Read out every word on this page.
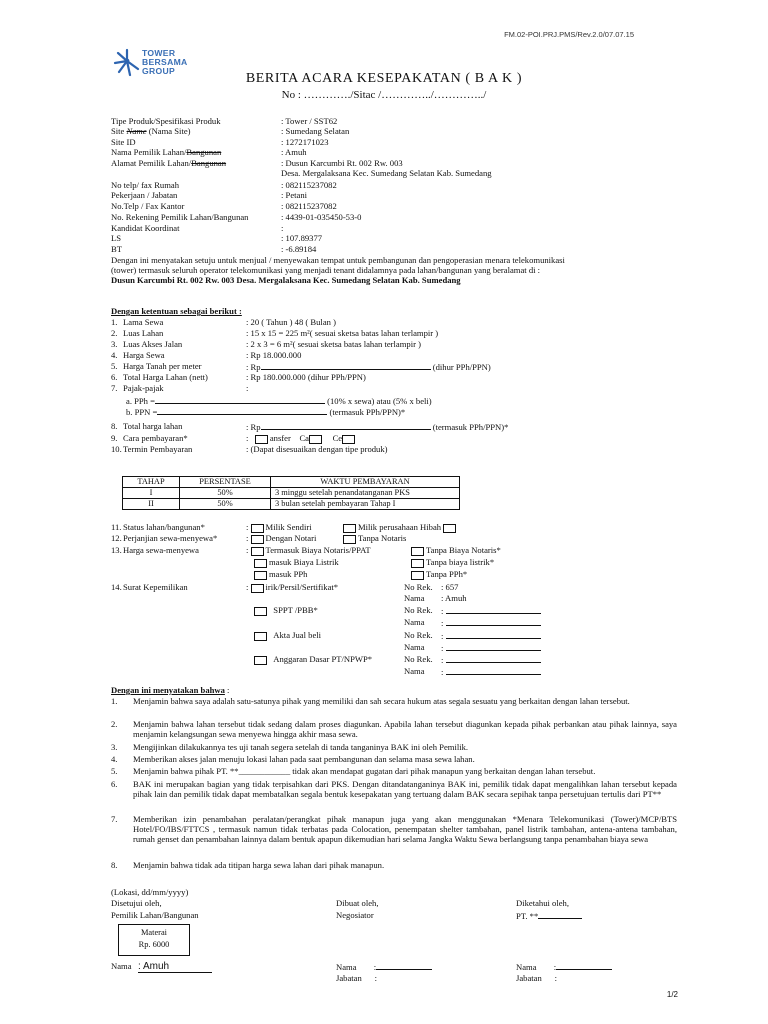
FM.02-POI.PRJ.PMS/Rev.2.0/07.07.15
TOWER
BERSAMA
GROUP	BERITA ACARA KESEPAKATAN ( B A K )
No : …………./Sitac /…………../…………../
Tipe Produk/Spesifikasi Produk	: Tower / SST62
Site Name (Nama Site)	: Sumedang Selatan
Site ID	: 1272171023
Nama Pemilik Lahan/Bangunan	: Amuh
Alamat Pemilik Lahan/Bangunan	: Dusun Karcumbi Rt. 002 Rw. 003
Desa. Mergalaksana Kec. Sumedang Selatan Kab. Sumedang
No telp/ fax Rumah	: 082115237082
Pekerjaan / Jabatan	: Petani
No.Telp / Fax Kantor	: 082115237082
No. Rekening Pemilik Lahan/Bangunan	: 4439-01-035450-53-0
Kandidat Koordinat	:
LS	: 107.89377
BT	: -6.89184
Dengan ini menyatakan setuju untuk menjual / menyewakan tempat untuk pembangunan dan pengoperasian menara telekomunikasi
(tower) termasuk seluruh operator telekomunikasi yang menjadi tenant didalamnya pada lahan/bangunan yang beralamat di :
Dusun Karcumbi Rt. 002 Rw. 003 Desa. Mergalaksana Kec. Sumedang Selatan Kab. Sumedang
Dengan ketentuan sebagai berikut :
1. Lama Sewa	: 20 ( Tahun ) 48 ( Bulan )
2. Luas Lahan	: 15 x 15 = 225 m²( sesuai sketsa batas lahan terlampir )
3. Luas Akses Jalan	: 2 x 3 = 6 m²( sesuai sketsa batas lahan terlampir )
4. Harga Sewa	: Rp 18.000.000
5. Harga Tanah per meter	: Rp	(dihur PPh/PPN)
6. Total Harga Lahan (nett)	: Rp 180.000.000 (dihur PPh/PPN)
7. Pajak-pajak	:
a. PPh =	(10% x sewa) atau (5% x beli)
b. PPN =	(termasuk PPh/PPN)*
8. Total harga lahan	: Rp	(termasuk PPh/PPN)*
9. Cara pembayaran*	: ansfer Ca	Ce
10. Termin Pembayaran	: (Dapat disesuaikan dengan tipe produk)
TAHAP	PERSENTASE	WAKTU PEMBAYARAN
I	50%	3 minggu setelah penandatanganan PKS
II	50%	3 bulan setelah pembayaran Tahap I
11. Status lahan/bangunan*	: Milik Sendiri	Milik perusahaan Hibah
12. Perjanjian sewa-menyewa*	: Dengan Notari	Tanpa Notaris
13. Harga sewa-menyewa	: Termasuk Biaya Notaris/PPAT	Tanpa Biaya Notaris*
masuk Biaya Listrik	Tanpa biaya listrik*
masuk PPh	Tanpa PPh*
14. Surat Kepemilikan	: irik/Persil/Sertifikat*	No Rek. : 657
Nama : Amuh
SPPT /PBB*	No Rek. :
Nama :
Akta Jual beli	No Rek. :
Nama :
Anggaran Dasar PT/NPWP*	No Rek. :
Nama :
Dengan ini menyatakan bahwa :
1. Menjamin bahwa saya adalah satu-satunya pihak yang memiliki dan sah secara hukum atas segala sesuatu yang berkaitan dengan lahan tersebut.
2. Menjamin bahwa lahan tersebut tidak sedang dalam proses diagunkan. Apabila lahan tersebut diagunkan kepada pihak perbankan atau pihak lainnya, saya menjamin kelangsungan sewa menyewa hingga akhir masa sewa.
3. Mengijinkan dilakukannya tes uji tanah segera setelah di tanda tanganinya BAK ini oleh Pemilik.
4. Memberikan akses jalan menuju lokasi lahan pada saat pembangunan dan selama masa sewa lahan.
5. Menjamin bahwa pihak PT. **____________ tidak akan mendapat gugatan dari pihak manapun yang berkaitan dengan lahan tersebut.
6. BAK ini merupakan bagian yang tidak terpisahkan dari PKS. Dengan ditandatanganinya BAK ini, pemilik tidak dapat mengalihkan lahan tersebut kepada pihak lain dan pemilik tidak dapat membatalkan segala bentuk kesepakatan yang tertuang dalam BAK secara sepihak tanpa persetujuan tertulis dari PT**
7. Memberikan izin penambahan peralatan/perangkat pihak manapun juga yang akan menggunakan *Menara Telekomunikasi (Tower)/MCP/BTS Hotel/FO/IBS/FTTCS , termasuk namun tidak terbatas pada Colocation, penempatan shelter tambahan, panel listrik tambahan, antena-antena tambahan, rumah genset dan penambahan lainnya dalam bentuk apapun dikemudian hari selama Jangka Waktu Sewa berlangsung tanpa penambahan biaya sewa
8. Menjamin bahwa tidak ada titipan harga sewa lahan dari pihak manapun.
(Lokasi, dd/mm/yyyy)
Disetujui oleh,
Pemilik Lahan/Bangunan
Dibuat oleh,
Negosiator
Diketahui oleh,
PT. **
Materai
Rp. 6000
Nama : Amuh	Nama :
Jabatan :
Nama :
Jabatan :
1/2
